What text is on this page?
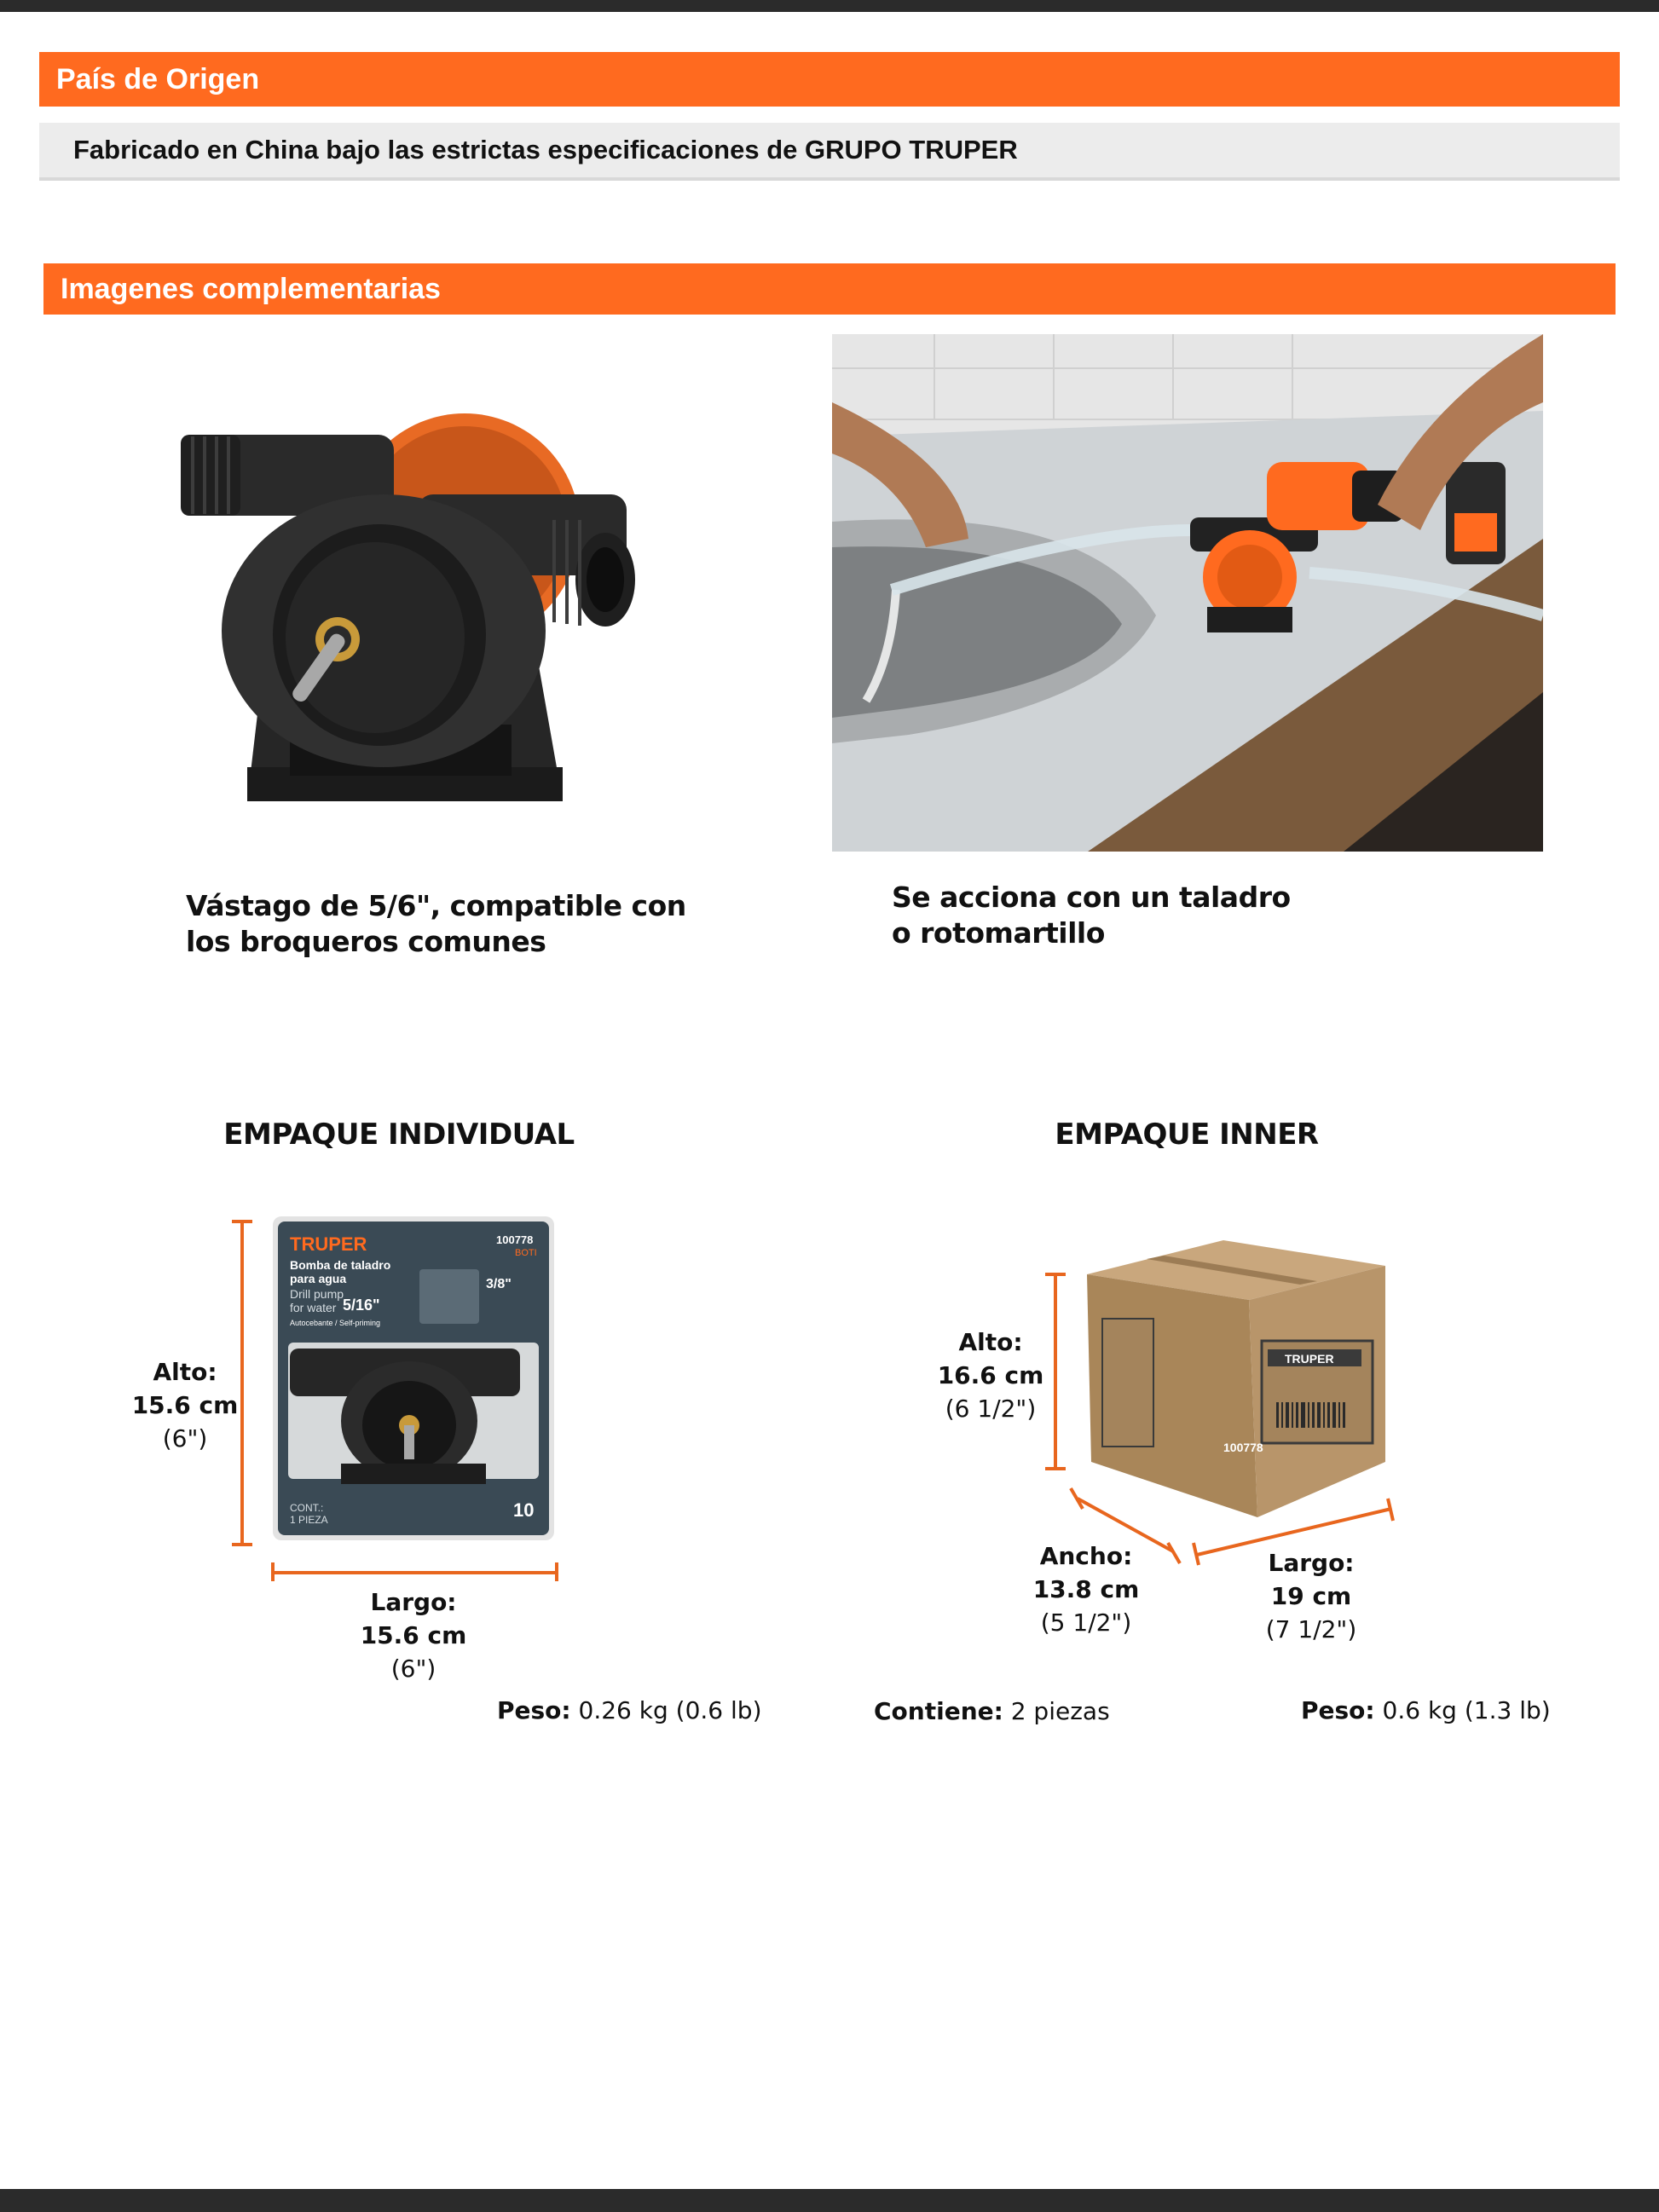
País de Origen
Fabricado en China bajo las estrictas especificaciones de GRUPO TRUPER
Imagenes complementarias
Vástago de 5/6", compatible con
los broqueros comunes
Se acciona con un taladro
o rotomartillo
EMPAQUE INDIVIDUAL	EMPAQUE INNER
TRUPER	100778
BOTI
Bomba de taladro
para agua
Drill pump
for water 5/16"
3/8"
Autocebante / Self-priming
CONT.:
1 PIEZA	10
Alto:
15.6 cm
(6")
Largo:
15.6 cm
(6")
TRUPER
100778
Alto:
16.6 cm
(6 1/2")
Ancho:
13.8 cm
(5 1/2")
Largo:
19 cm
(7 1/2")
Peso: 0.26 kg (0.6 lb)	Contiene: 2 piezas	Peso: 0.6 kg (1.3 lb)
